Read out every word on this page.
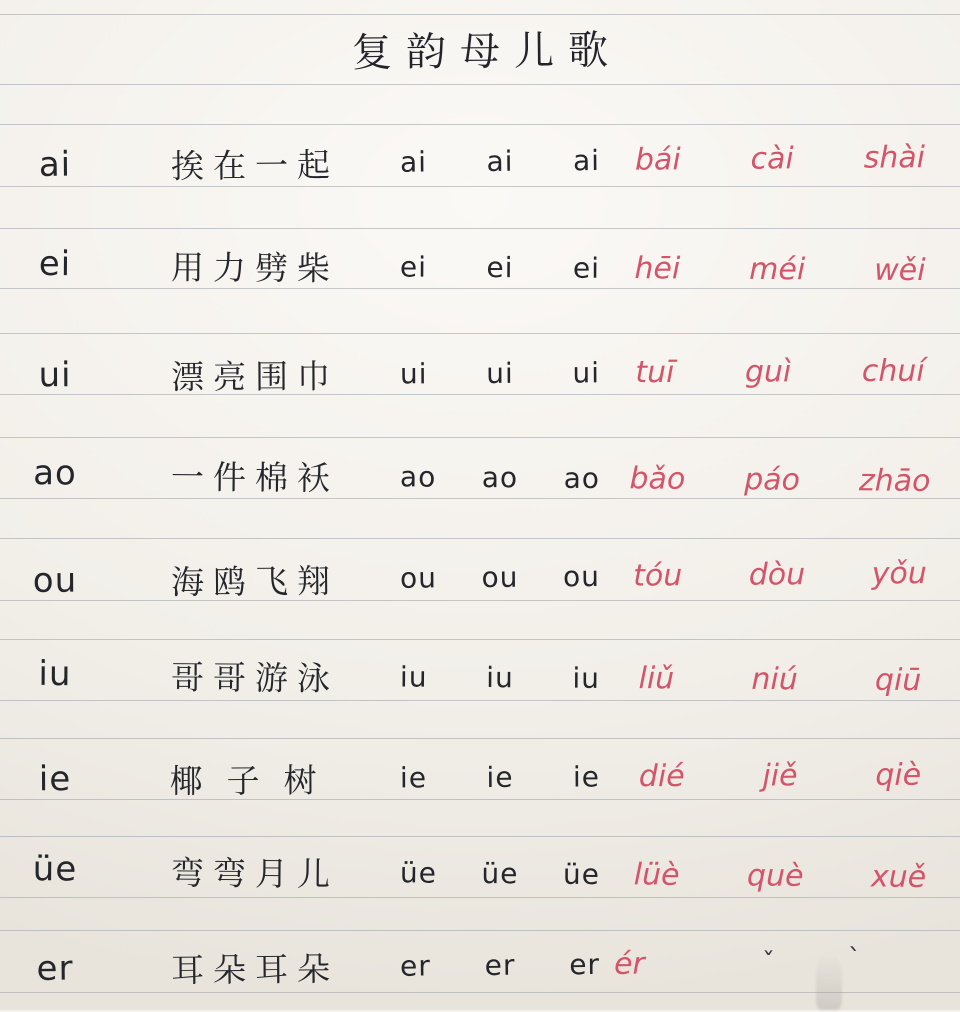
复韵母儿歌
ai	挨在一起	ai ai ai bái cài shài
ei	用力劈柴	ei ei ei hēi méi wěi
ui	漂亮围巾	ui ui ui tuī guì chuí
ao	一件棉袄	ao ao ao bǎo páo zhāo
ou	海鸥飞翔	ou ou ou tóu dòu yǒu
iu	哥哥游泳	iu iu iu liǔ	niú	qiū
ie	椰子树	ie ie ie dié	jiě	qiè
üe	弯弯月儿	üe üe üe lüè què xuě
er	耳朵耳朵	er er er ér	ˇ	ˋ
